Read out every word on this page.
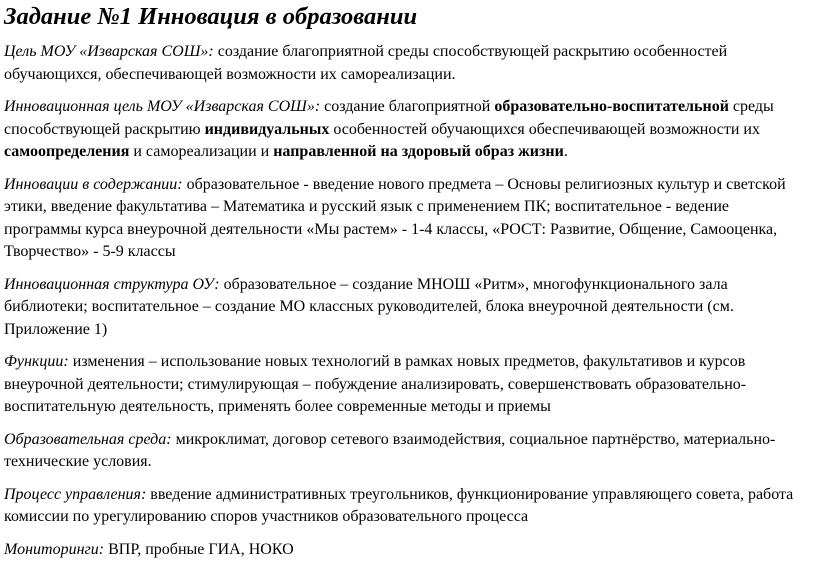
Задание №1 Инновация в образовании
Цель МОУ «Изварская СОШ»: создание благоприятной среды способствующей раскрытию особенностей обучающихся, обеспечивающей возможности их самореализации.
Инновационная цель МОУ «Изварская СОШ»: создание благоприятной образовательно-воспитательной среды способствующей раскрытию индивидуальных особенностей обучающихся обеспечивающей возможности их самоопределения и самореализации и направленной на здоровый образ жизни.
Инновации в содержании: образовательное - введение нового предмета – Основы религиозных культур и светской этики, введение факультатива – Математика и русский язык с применением ПК; воспитательное - ведение программы курса внеурочной деятельности «Мы растем» - 1-4 классы, «РОСТ: Развитие, Общение, Самооценка, Творчество» - 5-9 классы
Инновационная структура ОУ: образовательное – создание МНОШ «Ритм», многофункционального зала библиотеки; воспитательное – создание МО классных руководителей, блока внеурочной деятельности (см. Приложение 1)
Функции: изменения – использование новых технологий в рамках новых предметов, факультативов и курсов внеурочной деятельности; стимулирующая – побуждение анализировать, совершенствовать образовательно-воспитательную деятельность, применять более современные методы и приемы
Образовательная среда: микроклимат, договор сетевого взаимодействия, социальное партнёрство, материально-технические условия.
Процесс управления: введение административных треугольников, функционирование управляющего совета, работа комиссии по урегулированию споров участников образовательного процесса
Мониторинги: ВПР, пробные ГИА, НОКО
